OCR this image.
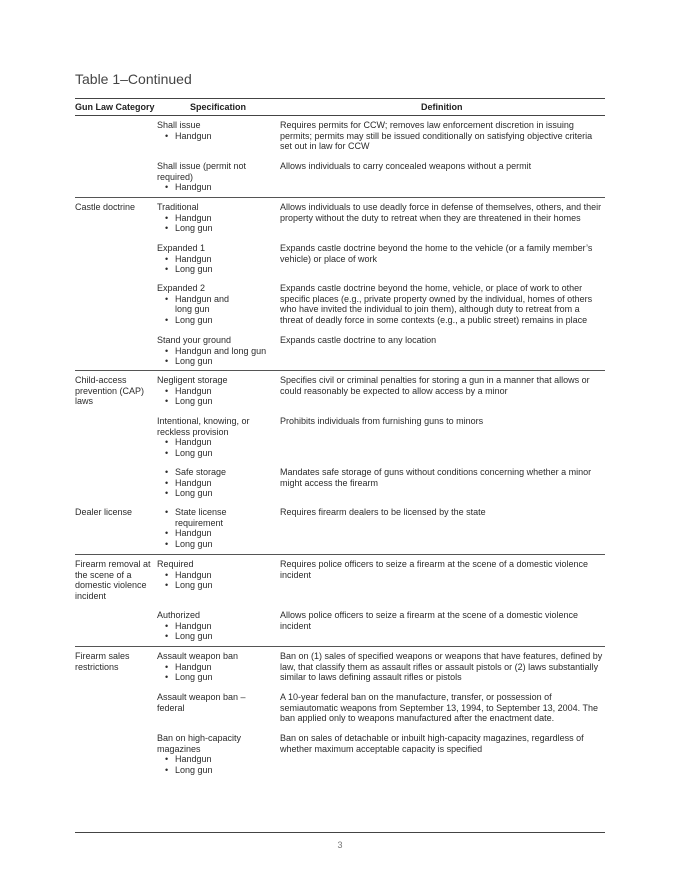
Table 1–Continued
Gun Law Category	Specification	Definition
Shall issue
• Handgun
Requires permits for CCW; removes law enforcement discretion in issuing permits; permits may still be issued conditionally on satisfying objective criteria set out in law for CCW
Shall issue (permit not required)
• Handgun
Allows individuals to carry concealed weapons without a permit
Castle doctrine	Traditional
• Handgun
• Long gun
Allows individuals to use deadly force in defense of themselves, others, and their property without the duty to retreat when they are threatened in their homes
Expanded 1
• Handgun
• Long gun
Expands castle doctrine beyond the home to the vehicle (or a family member’s vehicle) or place of work
Expanded 2
• Handgun and long gun
• Long gun
Expands castle doctrine beyond the home, vehicle, or place of work to other specific places (e.g., private property owned by the individual, homes of others who have invited the individual to join them), although duty to retreat from a threat of deadly force in some contexts (e.g., a public street) remains in place
Stand your ground
• Handgun and long gun
• Long gun
Expands castle doctrine to any location
Child-access prevention (CAP) laws
Negligent storage
• Handgun
• Long gun
Specifies civil or criminal penalties for storing a gun in a manner that allows or could reasonably be expected to allow access by a minor
Intentional, knowing, or reckless provision
• Handgun
• Long gun
Prohibits individuals from furnishing guns to minors
• Safe storage
• Handgun
• Long gun
Mandates safe storage of guns without conditions concerning whether a minor might access the firearm
Dealer license
•	State license requirement
• Handgun
• Long gun
Requires firearm dealers to be licensed by the state
Firearm removal at the scene of a domestic violence incident
Required
• Handgun
• Long gun
Requires police officers to seize a firearm at the scene of a domestic violence incident
Authorized
• Handgun
• Long gun
Allows police officers to seize a firearm at the scene of a domestic violence incident
Firearm sales restrictions
Assault weapon ban
• Handgun
• Long gun
Ban on (1) sales of specified weapons or weapons that have features, defined by law, that classify them as assault rifles or assault pistols or (2) laws substantially similar to laws defining assault rifles or pistols
Assault weapon ban – federal
A 10-year federal ban on the manufacture, transfer, or possession of semiautomatic weapons from September 13, 1994, to September 13, 2004. The ban applied only to weapons manufactured after the enactment date.
Ban on high-capacity magazines
• Handgun
• Long gun
Ban on sales of detachable or inbuilt high-capacity magazines, regardless of whether maximum acceptable capacity is specified
3
